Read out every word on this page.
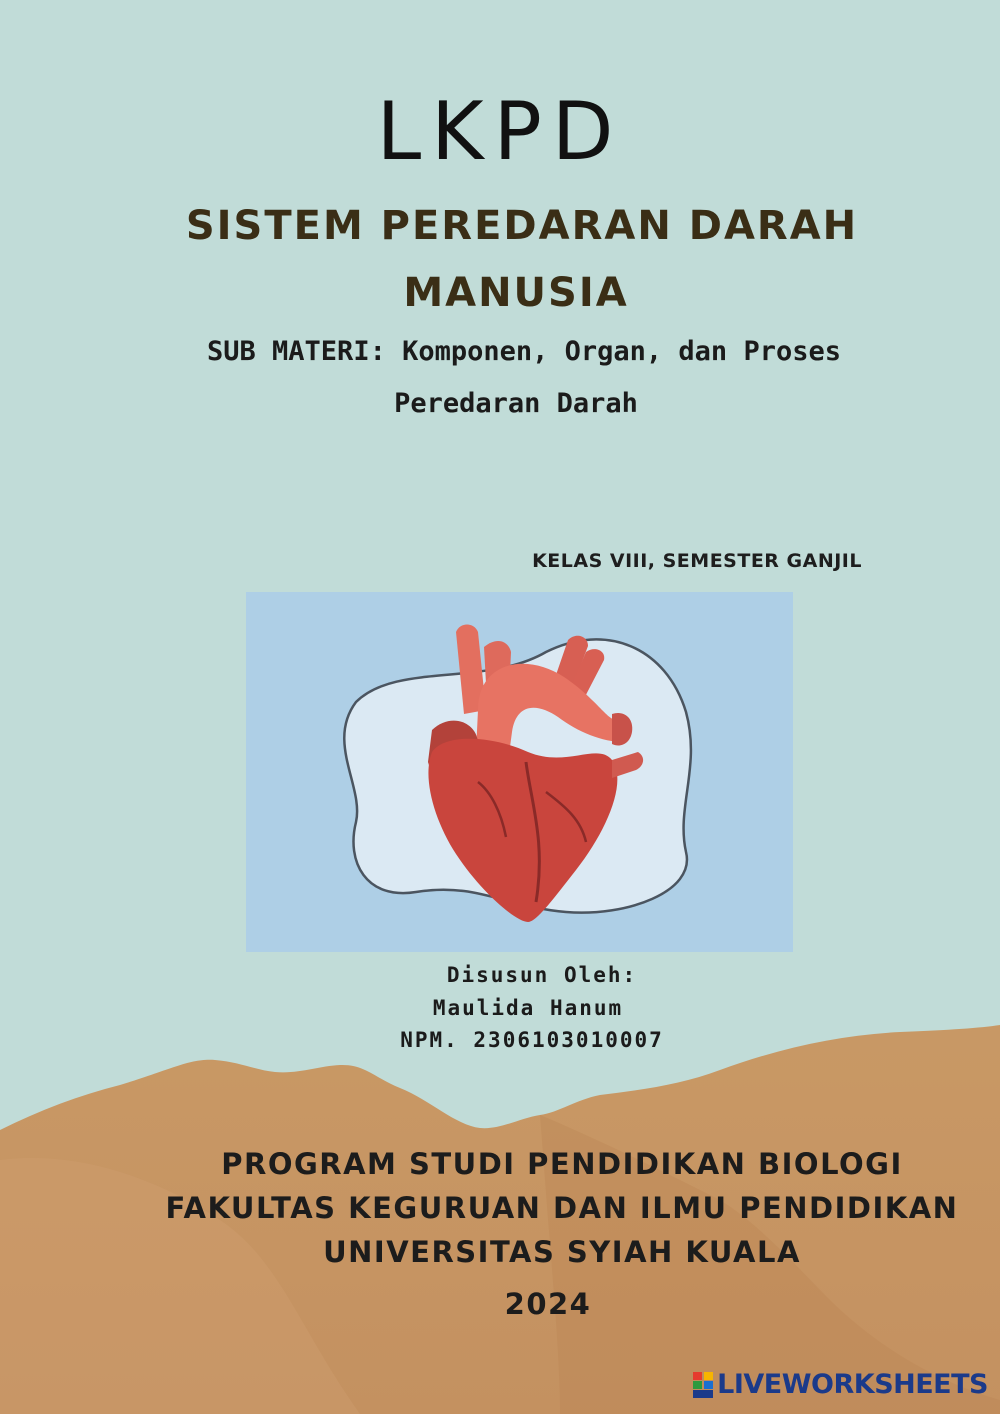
LKPD
SISTEM PEREDARAN DARAH
MANUSIA
SUB MATERI: Komponen, Organ, dan Proses
Peredaran Darah
KELAS VIII, SEMESTER GANJIL
Disusun Oleh:
Maulida Hanum
NPM. 2306103010007
PROGRAM STUDI PENDIDIKAN BIOLOGI
FAKULTAS KEGURUAN DAN ILMU PENDIDIKAN
UNIVERSITAS SYIAH KUALA
2024
LIVEWORKSHEETS
